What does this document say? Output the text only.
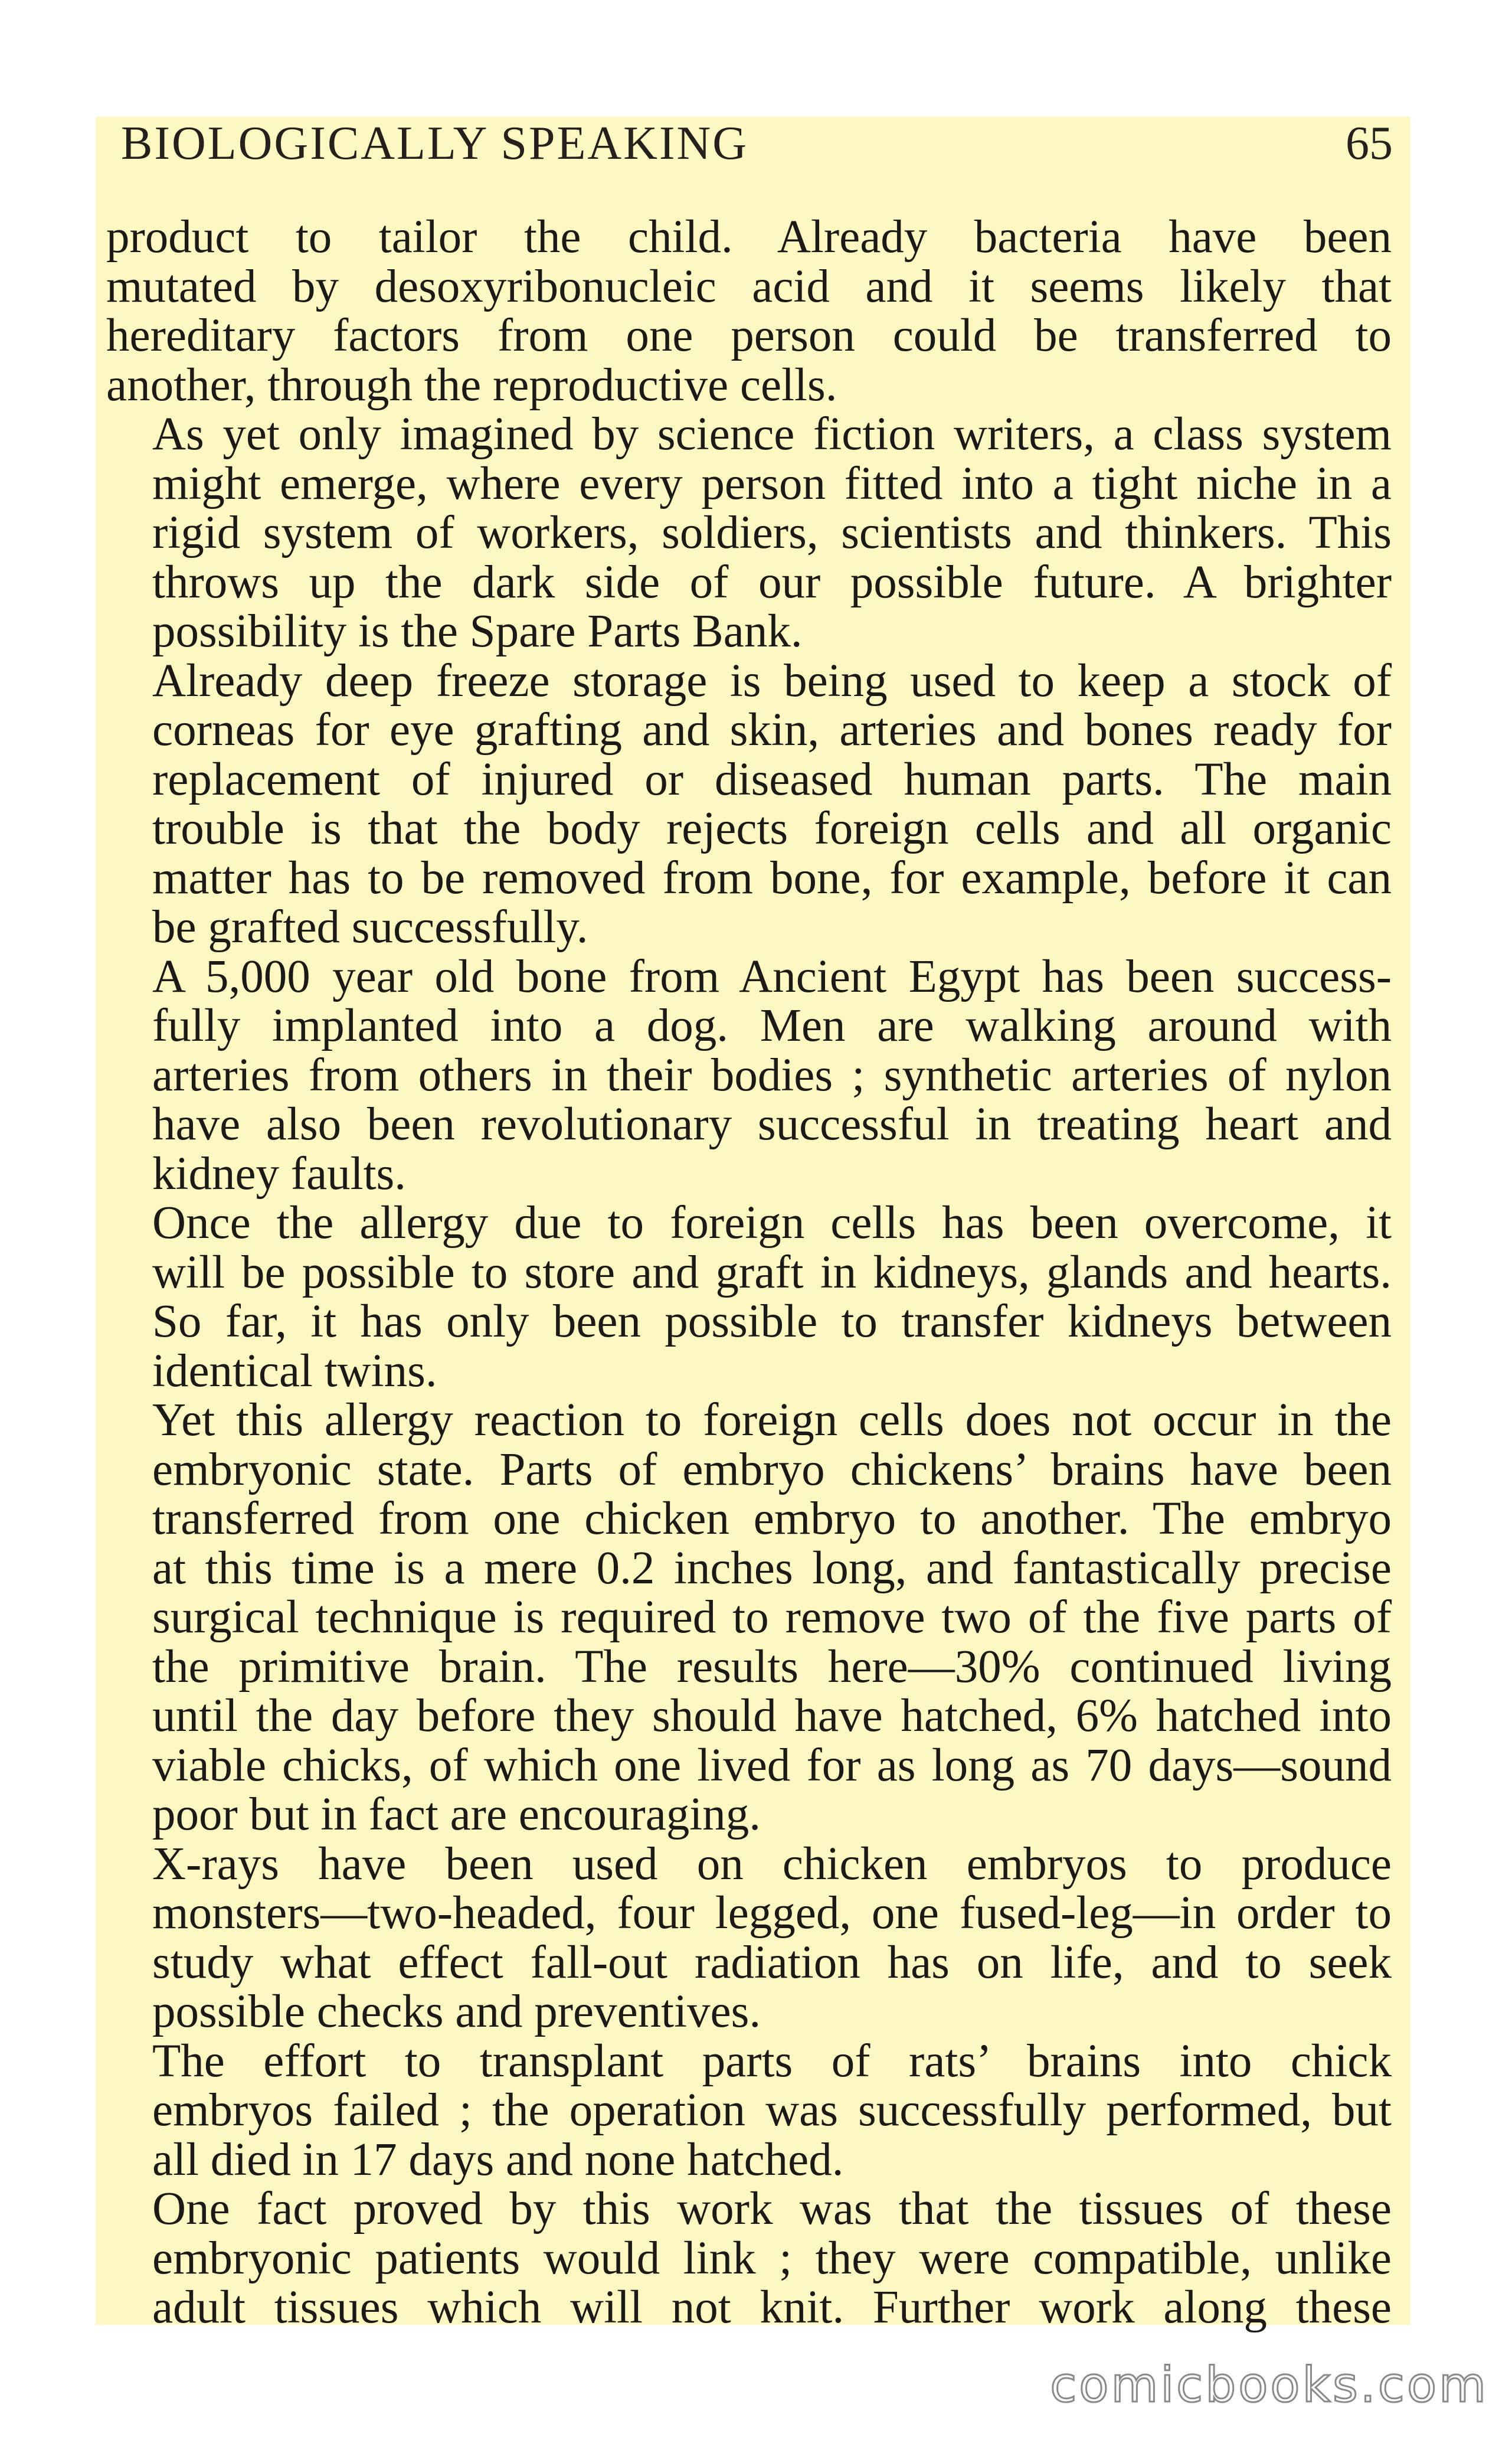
BIOLOGICALLY SPEAKING	65

product to tailor the child. Already bacteria have been
mutated by desoxyribonucleic acid and it seems likely that
hereditary factors from one person could be transferred to
another, through the reproductive cells.

As yet only imagined by science fiction writers, a class system
might emerge, where every person fitted into a tight niche in a
rigid system of workers, soldiers, scientists and thinkers. This
throws up the dark side of our possible future. A brighter
possibility is the Spare Parts Bank.

Already deep freeze storage is being used to keep a stock of
corneas for eye grafting and skin, arteries and bones ready for
replacement of injured or diseased human parts. The main
trouble is that the body rejects foreign cells and all organic
matter has to be removed from bone, for example, before it can
be grafted successfully.

A 5,000 year old bone from Ancient Egypt has been success-
fully implanted into a dog. Men are walking around with
arteries from others in their bodies ; synthetic arteries of nylon
have also been revolutionary successful in treating heart and
kidney faults.

Once the allergy due to foreign cells has been overcome, it
will be possible to store and graft in kidneys, glands and hearts.
So far, it has only been possible to transfer kidneys between
identical twins.

Yet this allergy reaction to foreign cells does not occur in the
embryonic state. Parts of embryo chickens’ brains have been
transferred from one chicken embryo to another. The embryo
at this time is a mere 0.2 inches long, and fantastically precise
surgical technique is required to remove two of the five parts of
the primitive brain. The results here—30% continued living
until the day before they should have hatched, 6% hatched into
viable chicks, of which one lived for as long as 70 days—sound
poor but in fact are encouraging.

X-rays have been used on chicken embryos to produce
monsters—two-headed, four legged, one fused-leg—in order to
study what effect fall-out radiation has on life, and to seek
possible checks and preventives.

The effort to transplant parts of rats’ brains into chick
embryos failed ; the operation was successfully performed, but
all died in 17 days and none hatched.

One fact proved by this work was that the tissues of these
embryonic patients would link ; they were compatible, unlike
adult tissues which will not knit. Further work along these

comicbooks.com
